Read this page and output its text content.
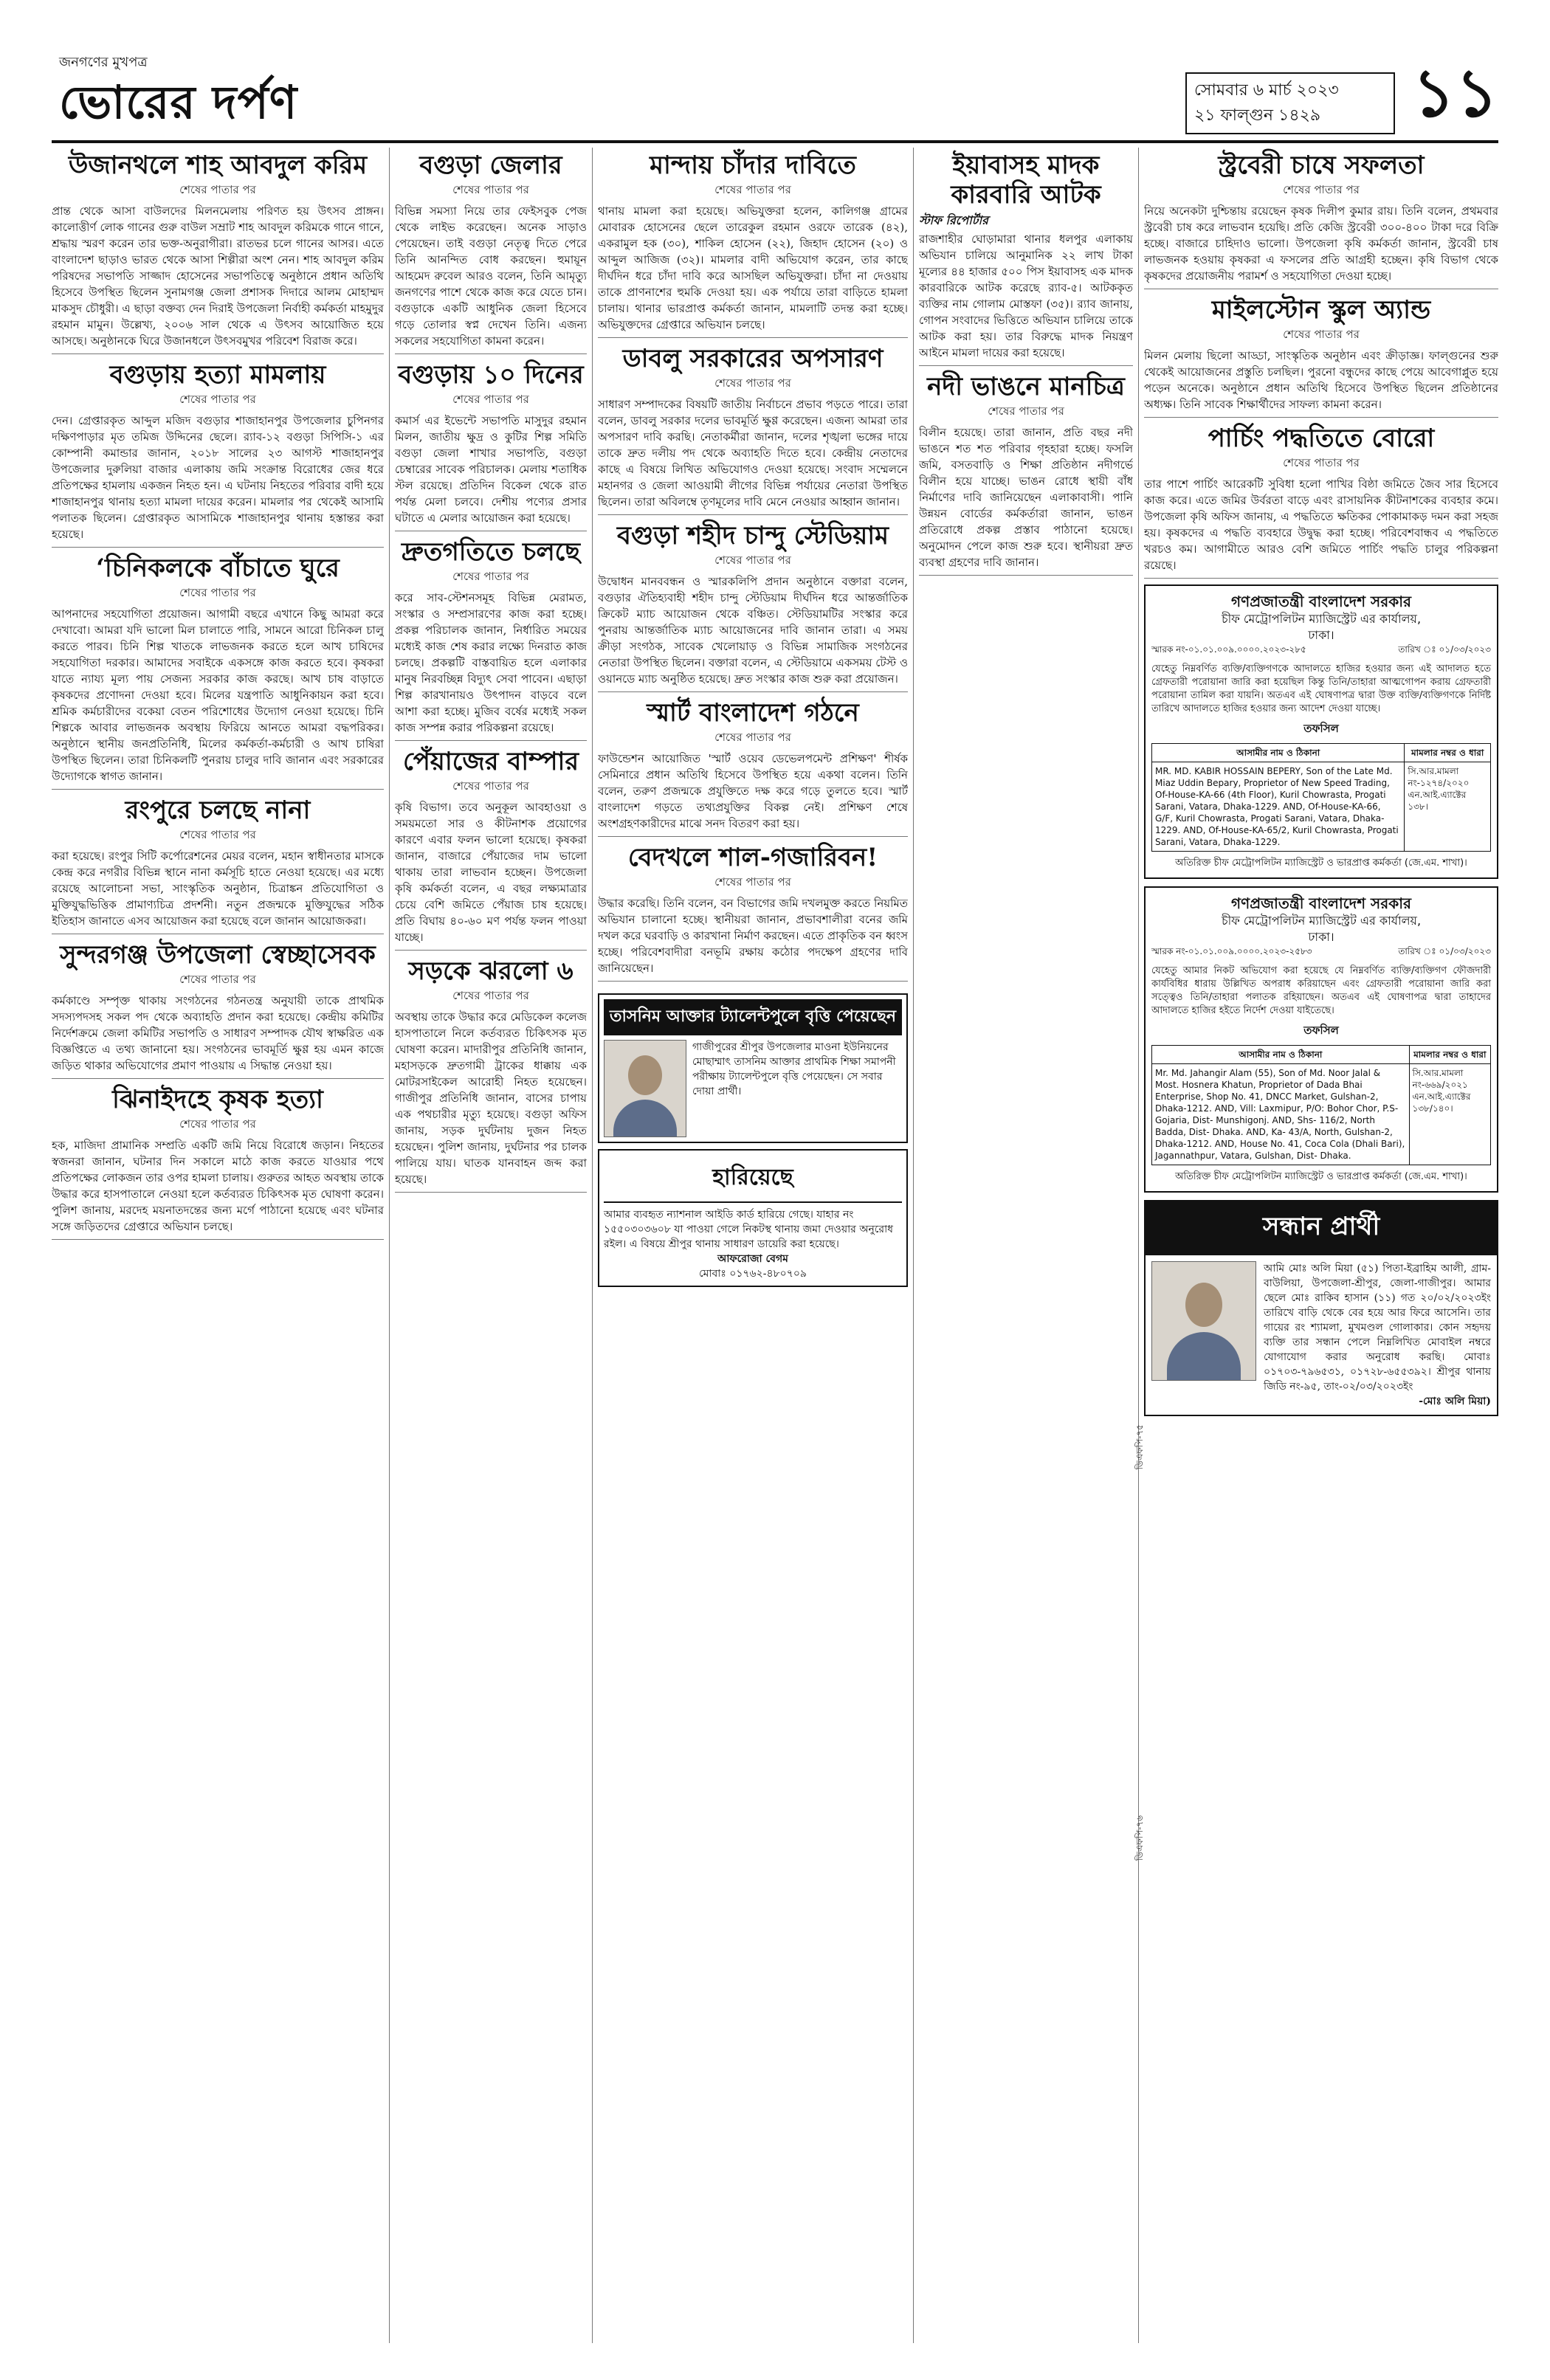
জনগণের মুখপত্র
ভোরের দর্পণ	সোমবার ৬ মার্চ ২০২৩
২১ ফাল্গুন ১৪২৯	১১
উজানথলে শাহ আবদুল করিম
শেষের পাতার পর
প্রান্ত থেকে আসা বাউলদের মিলনমেলায় পরিণত হয় উৎসব প্রাঙ্গন। কালোত্তীর্ণ লোক গানের গুরু বাউল সম্রাট শাহ আবদুল করিমকে গানে গানে, শ্রদ্ধায় স্মরণ করেন তার ভক্ত-অনুরাগীরা। রাতভর চলে গানের আসর। এতে বাংলাদেশ ছাড়াও ভারত থেকে আসা শিল্পীরা অংশ নেন। শাহ আবদুল করিম পরিষদের সভাপতি সাজ্জাদ হোসেনের সভাপতিত্বে অনুষ্ঠানে প্রধান অতিথি হিসেবে উপস্থিত ছিলেন সুনামগঞ্জ জেলা প্রশাসক দিদারে আলম মোহাম্মদ মাকসুদ চৌধুরী। এ ছাড়া বক্তব্য দেন দিরাই উপজেলা নির্বাহী কর্মকর্তা মাহমুদুর রহমান মামুন। উল্লেখ্য, ২০০৬ সাল থেকে এ উৎসব আয়োজিত হয়ে আসছে। অনুষ্ঠানকে ঘিরে উজানধলে উৎসবমুখর পরিবেশ বিরাজ করে।
বগুড়ায় হত্যা মামলায়
শেষের পাতার পর
দেন। গ্রেপ্তারকৃত আব্দুল মজিদ বগুড়ার শাজাহানপুর উপজেলার চুপিনগর দক্ষিণপাড়ার মৃত তমিজ উদ্দিনের ছেলে। র‍্যাব-১২ বগুড়া সিপিসি-১ এর কোম্পানী কমান্ডার জানান, ২০১৮ সালের ২৩ আগস্ট শাজাহানপুর উপজেলার দুরুলিয়া বাজার এলাকায় জমি সংক্রান্ত বিরোধের জের ধরে প্রতিপক্ষের হামলায় একজন নিহত হন। এ ঘটনায় নিহতের পরিবার বাদী হয়ে শাজাহানপুর থানায় হত্যা মামলা দায়ের করেন। মামলার পর থেকেই আসামি পলাতক ছিলেন। গ্রেপ্তারকৃত আসামিকে শাজাহানপুর থানায় হস্তান্তর করা হয়েছে।
‘চিনিকলকে বাঁচাতে ঘুরে
শেষের পাতার পর
আপনাদের সহযোগিতা প্রয়োজন। আগামী বছরে এখানে কিছু আমরা করে দেখাবো। আমরা যদি ভালো মিল চালাতে পারি, সামনে আরো চিনিকল চালু করতে পারব। চিনি শিল্প খাতকে লাভজনক করতে হলে আখ চাষিদের সহযোগিতা দরকার। আমাদের সবাইকে একসঙ্গে কাজ করতে হবে। কৃষকরা যাতে ন্যায্য মূল্য পায় সেজন্য সরকার কাজ করছে। আখ চাষ বাড়াতে কৃষকদের প্রণোদনা দেওয়া হবে। মিলের যন্ত্রপাতি আধুনিকায়ন করা হবে। শ্রমিক কর্মচারীদের বকেয়া বেতন পরিশোধের উদ্যোগ নেওয়া হয়েছে। চিনি শিল্পকে আবার লাভজনক অবস্থায় ফিরিয়ে আনতে আমরা বদ্ধপরিকর। অনুষ্ঠানে স্থানীয় জনপ্রতিনিধি, মিলের কর্মকর্তা-কর্মচারী ও আখ চাষিরা উপস্থিত ছিলেন। তারা চিনিকলটি পুনরায় চালুর দাবি জানান এবং সরকারের উদ্যোগকে স্বাগত জানান।
রংপুরে চলছে নানা
শেষের পাতার পর
করা হয়েছে। রংপুর সিটি কর্পোরেশনের মেয়র বলেন, মহান স্বাধীনতার মাসকে কেন্দ্র করে নগরীর বিভিন্ন স্থানে নানা কর্মসূচি হাতে নেওয়া হয়েছে। এর মধ্যে রয়েছে আলোচনা সভা, সাংস্কৃতিক অনুষ্ঠান, চিত্রাঙ্কন প্রতিযোগিতা ও মুক্তিযুদ্ধভিত্তিক প্রামাণ্যচিত্র প্রদর্শনী। নতুন প্রজন্মকে মুক্তিযুদ্ধের সঠিক ইতিহাস জানাতে এসব আয়োজন করা হয়েছে বলে জানান আয়োজকরা।
সুন্দরগঞ্জ উপজেলা স্বেচ্ছাসেবক
শেষের পাতার পর
কর্মকাণ্ডে সম্পৃক্ত থাকায় সংগঠনের গঠনতন্ত্র অনুযায়ী তাকে প্রাথমিক সদস্যপদসহ সকল পদ থেকে অব্যাহতি প্রদান করা হয়েছে। কেন্দ্রীয় কমিটির নির্দেশক্রমে জেলা কমিটির সভাপতি ও সাধারণ সম্পাদক যৌথ স্বাক্ষরিত এক বিজ্ঞপ্তিতে এ তথ্য জানানো হয়। সংগঠনের ভাবমূর্তি ক্ষুণ্ণ হয় এমন কাজে জড়িত থাকার অভিযোগের প্রমাণ পাওয়ায় এ সিদ্ধান্ত নেওয়া হয়।
ঝিনাইদহে কৃষক হত্যা
শেষের পাতার পর
হক, মাজিদা প্রামানিক সম্প্রতি একটি জমি নিয়ে বিরোধে জড়ান। নিহতের স্বজনরা জানান, ঘটনার দিন সকালে মাঠে কাজ করতে যাওয়ার পথে প্রতিপক্ষের লোকজন তার ওপর হামলা চালায়। গুরুতর আহত অবস্থায় তাকে উদ্ধার করে হাসপাতালে নেওয়া হলে কর্তব্যরত চিকিৎসক মৃত ঘোষণা করেন। পুলিশ জানায়, মরদেহ ময়নাতদন্তের জন্য মর্গে পাঠানো হয়েছে এবং ঘটনার সঙ্গে জড়িতদের গ্রেপ্তারে অভিযান চলছে।
বগুড়া জেলার
শেষের পাতার পর
বিভিন্ন সমস্যা নিয়ে তার ফেইসবুক পেজ থেকে লাইভ করেছেন। অনেক সাড়াও পেয়েছেন। তাই বগুড়া নেতৃত্ব দিতে পেরে তিনি আনন্দিত বোধ করছেন। হুমায়ূন আহমেদ রুবেল আরও বলেন, তিনি আমৃত্যু জনগণের পাশে থেকে কাজ করে যেতে চান। বগুড়াকে একটি আধুনিক জেলা হিসেবে গড়ে তোলার স্বপ্ন দেখেন তিনি। এজন্য সকলের সহযোগিতা কামনা করেন।
বগুড়ায় ১০ দিনের
শেষের পাতার পর
কমার্স এর ইভেন্টে সভাপতি মাসুদুর রহমান মিলন, জাতীয় ক্ষুদ্র ও কুটির শিল্প সমিতি বগুড়া জেলা শাখার সভাপতি, বগুড়া চেম্বারের সাবেক পরিচালক। মেলায় শতাধিক স্টল রয়েছে। প্রতিদিন বিকেল থেকে রাত পর্যন্ত মেলা চলবে। দেশীয় পণ্যের প্রসার ঘটাতে এ মেলার আয়োজন করা হয়েছে।
দ্রুতগতিতে চলছে
শেষের পাতার পর
করে সাব-স্টেশনসমূহ বিভিন্ন মেরামত, সংস্কার ও সম্প্রসারণের কাজ করা হচ্ছে। প্রকল্প পরিচালক জানান, নির্ধারিত সময়ের মধ্যেই কাজ শেষ করার লক্ষ্যে দিনরাত কাজ চলছে। প্রকল্পটি বাস্তবায়িত হলে এলাকার মানুষ নিরবচ্ছিন্ন বিদ্যুৎ সেবা পাবেন। এছাড়া শিল্প কারখানায়ও উৎপাদন বাড়বে বলে আশা করা হচ্ছে। মুজিব বর্ষের মধ্যেই সকল কাজ সম্পন্ন করার পরিকল্পনা রয়েছে।
পেঁয়াজের বাম্পার
শেষের পাতার পর
কৃষি বিভাগ। তবে অনুকূল আবহাওয়া ও সময়মতো সার ও কীটনাশক প্রয়োগের কারণে এবার ফলন ভালো হয়েছে। কৃষকরা জানান, বাজারে পেঁয়াজের দাম ভালো থাকায় তারা লাভবান হচ্ছেন। উপজেলা কৃষি কর্মকর্তা বলেন, এ বছর লক্ষ্যমাত্রার চেয়ে বেশি জমিতে পেঁয়াজ চাষ হয়েছে। প্রতি বিঘায় ৪০-৬০ মণ পর্যন্ত ফলন পাওয়া যাচ্ছে।
সড়কে ঝরলো ৬
শেষের পাতার পর
অবস্থায় তাকে উদ্ধার করে মেডিকেল কলেজ হাসপাতালে নিলে কর্তব্যরত চিকিৎসক মৃত ঘোষণা করেন। মাদারীপুর প্রতিনিধি জানান, মহাসড়কে দ্রুতগামী ট্রাকের ধাক্কায় এক মোটরসাইকেল আরোহী নিহত হয়েছেন। গাজীপুর প্রতিনিধি জানান, বাসের চাপায় এক পথচারীর মৃত্যু হয়েছে। বগুড়া অফিস জানায়, সড়ক দুর্ঘটনায় দুজন নিহত হয়েছেন। পুলিশ জানায়, দুর্ঘটনার পর চালক পালিয়ে যায়। ঘাতক যানবাহন জব্দ করা হয়েছে।
মান্দায় চাঁদার দাবিতে
শেষের পাতার পর
থানায় মামলা করা হয়েছে। অভিযুক্তরা হলেন, কালিগঞ্জ গ্রামের মোবারক হোসেনের ছেলে তারেকুল রহমান ওরফে তারেক (৪২), একরামুল হক (৩০), শাকিল হোসেন (২২), জিহাদ হোসেন (২০) ও আব্দুল আজিজ (৩২)। মামলার বাদী অভিযোগ করেন, তার কাছে দীর্ঘদিন ধরে চাঁদা দাবি করে আসছিল অভিযুক্তরা। চাঁদা না দেওয়ায় তাকে প্রাণনাশের হুমকি দেওয়া হয়। এক পর্যায়ে তারা বাড়িতে হামলা চালায়। থানার ভারপ্রাপ্ত কর্মকর্তা জানান, মামলাটি তদন্ত করা হচ্ছে। অভিযুক্তদের গ্রেপ্তারে অভিযান চলছে।
ডাবলু সরকারের অপসারণ
শেষের পাতার পর
সাধারণ সম্পাদকের বিষয়টি জাতীয় নির্বাচনে প্রভাব পড়তে পারে। তারা বলেন, ডাবলু সরকার দলের ভাবমূর্তি ক্ষুণ্ণ করেছেন। এজন্য আমরা তার অপসারণ দাবি করছি। নেতাকর্মীরা জানান, দলের শৃঙ্খলা ভঙ্গের দায়ে তাকে দ্রুত দলীয় পদ থেকে অব্যাহতি দিতে হবে। কেন্দ্রীয় নেতাদের কাছে এ বিষয়ে লিখিত অভিযোগও দেওয়া হয়েছে। সংবাদ সম্মেলনে মহানগর ও জেলা আওয়ামী লীগের বিভিন্ন পর্যায়ের নেতারা উপস্থিত ছিলেন। তারা অবিলম্বে তৃণমূলের দাবি মেনে নেওয়ার আহ্বান জানান।
বগুড়া শহীদ চান্দু স্টেডিয়াম
শেষের পাতার পর
উদ্বোধন মানববন্ধন ও স্মারকলিপি প্রদান অনুষ্ঠানে বক্তারা বলেন, বগুড়ার ঐতিহ্যবাহী শহীদ চান্দু স্টেডিয়াম দীর্ঘদিন ধরে আন্তর্জাতিক ক্রিকেট ম্যাচ আয়োজন থেকে বঞ্চিত। স্টেডিয়ামটির সংস্কার করে পুনরায় আন্তর্জাতিক ম্যাচ আয়োজনের দাবি জানান তারা। এ সময় ক্রীড়া সংগঠক, সাবেক খেলোয়াড় ও বিভিন্ন সামাজিক সংগঠনের নেতারা উপস্থিত ছিলেন। বক্তারা বলেন, এ স্টেডিয়ামে একসময় টেস্ট ও ওয়ানডে ম্যাচ অনুষ্ঠিত হয়েছে। দ্রুত সংস্কার কাজ শুরু করা প্রয়োজন।
স্মার্ট বাংলাদেশ গঠনে
শেষের পাতার পর
ফাউন্ডেশন আয়োজিত 'স্মার্ট ওয়েব ডেভেলপমেন্ট প্রশিক্ষণ' শীর্ষক সেমিনারে প্রধান অতিথি হিসেবে উপস্থিত হয়ে একথা বলেন। তিনি বলেন, তরুণ প্রজন্মকে প্রযুক্তিতে দক্ষ করে গড়ে তুলতে হবে। স্মার্ট বাংলাদেশ গড়তে তথ্যপ্রযুক্তির বিকল্প নেই। প্রশিক্ষণ শেষে অংশগ্রহণকারীদের মাঝে সনদ বিতরণ করা হয়।
বেদখলে শাল-গজারিবন!
শেষের পাতার পর
উদ্ধার করেছি। তিনি বলেন, বন বিভাগের জমি দখলমুক্ত করতে নিয়মিত অভিযান চালানো হচ্ছে। স্থানীয়রা জানান, প্রভাবশালীরা বনের জমি দখল করে ঘরবাড়ি ও কারখানা নির্মাণ করছেন। এতে প্রাকৃতিক বন ধ্বংস হচ্ছে। পরিবেশবাদীরা বনভূমি রক্ষায় কঠোর পদক্ষেপ গ্রহণের দাবি জানিয়েছেন।
তাসনিম আক্তার ট্যালেন্টপুলে বৃত্তি পেয়েছেন
গাজীপুরের শ্রীপুর উপজেলার মাওনা ইউনিয়নের মোছাম্মাৎ তাসনিম আক্তার প্রাথমিক শিক্ষা সমাপনী পরীক্ষায় ট্যালেন্টপুলে বৃত্তি পেয়েছেন। সে সবার দোয়া প্রার্থী।
হারিয়েছে
আমার ব্যবহৃত ন্যাশনাল আইডি কার্ড হারিয়ে গেছে। যাহার নং ১৫৫০৩০৩৬০৮ যা পাওয়া গেলে নিকটস্থ থানায় জমা দেওয়ার অনুরোধ রইল। এ বিষয়ে শ্রীপুর থানায় সাধারণ ডায়েরি করা হয়েছে।
আফরোজা বেগম
মোবাঃ ০১৭৬২-৪৮০৭০৯
ইয়াবাসহ মাদক কারবারি আটক
স্টাফ রিপোর্টার
রাজশাহীর ঘোড়ামারা থানার ধলপুর এলাকায় অভিযান চালিয়ে আনুমানিক ২২ লাখ টাকা মূল্যের ৪৪ হাজার ৫০০ পিস ইয়াবাসহ এক মাদক কারবারিকে আটক করেছে র‍্যাব-৫। আটককৃত ব্যক্তির নাম গোলাম মোস্তফা (৩৫)। র‍্যাব জানায়, গোপন সংবাদের ভিত্তিতে অভিযান চালিয়ে তাকে আটক করা হয়। তার বিরুদ্ধে মাদক নিয়ন্ত্রণ আইনে মামলা দায়ের করা হয়েছে।
নদী ভাঙনে মানচিত্র
শেষের পাতার পর
বিলীন হয়েছে। তারা জানান, প্রতি বছর নদী ভাঙনে শত শত পরিবার গৃহহারা হচ্ছে। ফসলি জমি, বসতবাড়ি ও শিক্ষা প্রতিষ্ঠান নদীগর্ভে বিলীন হয়ে যাচ্ছে। ভাঙন রোধে স্থায়ী বাঁধ নির্মাণের দাবি জানিয়েছেন এলাকাবাসী। পানি উন্নয়ন বোর্ডের কর্মকর্তারা জানান, ভাঙন প্রতিরোধে প্রকল্প প্রস্তাব পাঠানো হয়েছে। অনুমোদন পেলে কাজ শুরু হবে। স্থানীয়রা দ্রুত ব্যবস্থা গ্রহণের দাবি জানান।
স্ট্রবেরী চাষে সফলতা
শেষের পাতার পর
নিয়ে অনেকটা দুশ্চিন্তায় রয়েছেন কৃষক দিলীপ কুমার রায়। তিনি বলেন, প্রথমবার স্ট্রবেরী চাষ করে লাভবান হয়েছি। প্রতি কেজি স্ট্রবেরী ৩০০-৪০০ টাকা দরে বিক্রি হচ্ছে। বাজারে চাহিদাও ভালো। উপজেলা কৃষি কর্মকর্তা জানান, স্ট্রবেরী চাষ লাভজনক হওয়ায় কৃষকরা এ ফসলের প্রতি আগ্রহী হচ্ছেন। কৃষি বিভাগ থেকে কৃষকদের প্রয়োজনীয় পরামর্শ ও সহযোগিতা দেওয়া হচ্ছে।
মাইলস্টোন স্কুল অ্যান্ড
শেষের পাতার পর
মিলন মেলায় ছিলো আড্ডা, সাংস্কৃতিক অনুষ্ঠান এবং ক্রীড়াজ্ঞ। ফাল্গুনের শুরু থেকেই আয়োজনের প্রস্তুতি চলছিল। পুরনো বন্ধুদের কাছে পেয়ে আবেগাপ্লুত হয়ে পড়েন অনেকে। অনুষ্ঠানে প্রধান অতিথি হিসেবে উপস্থিত ছিলেন প্রতিষ্ঠানের অধ্যক্ষ। তিনি সাবেক শিক্ষার্থীদের সাফল্য কামনা করেন।
পার্চিং পদ্ধতিতে বোরো
শেষের পাতার পর
তার পাশে পার্চিং আরেকটি সুবিধা হলো পাখির বিষ্ঠা জমিতে জৈব সার হিসেবে কাজ করে। এতে জমির উর্বরতা বাড়ে এবং রাসায়নিক কীটনাশকের ব্যবহার কমে। উপজেলা কৃষি অফিস জানায়, এ পদ্ধতিতে ক্ষতিকর পোকামাকড় দমন করা সহজ হয়। কৃষকদের এ পদ্ধতি ব্যবহারে উদ্বুদ্ধ করা হচ্ছে। পরিবেশবান্ধব এ পদ্ধতিতে খরচও কম। আগামীতে আরও বেশি জমিতে পার্চিং পদ্ধতি চালুর পরিকল্পনা রয়েছে।
গণপ্রজাতন্ত্রী বাংলাদেশ সরকার
চীফ মেট্রোপলিটন ম্যাজিস্ট্রেট এর কার্যালয়,
ঢাকা।
স্মারক নং-০১.০১.০০৯.০০০০.২০২৩-২৮৫	তারিখ ঃ ০১/০৩/২০২৩
যেহেতু নিম্নবর্ণিত ব্যক্তি/ব্যক্তিগণকে আদালতে হাজির হওয়ার জন্য এই আদালত হতে গ্রেফতারী পরোয়ানা জারি করা হয়েছিল কিন্তু তিনি/তাহারা আত্মগোপন করায় গ্রেফতারী পরোয়ানা তামিল করা যায়নি। অতএব এই ঘোষণাপত্র দ্বারা উক্ত ব্যক্তি/ব্যক্তিগণকে নির্দিষ্ট তারিখে আদালতে হাজির হওয়ার জন্য আদেশ দেওয়া যাচ্ছে।
তফসিল
আসামীর নাম ও ঠিকানা	মামলার নম্বর ও ধারা
MR. MD. KABIR HOSSAIN BEPERY, Son of the Late Md. Miaz Uddin Bepary, Proprietor of New Speed Trading, Of-House-KA-66 (4th Floor), Kuril Chowrasta, Progati Sarani, Vatara, Dhaka-1229. AND, Of-House-KA-66, G/F, Kuril Chowrasta, Progati Sarani, Vatara, Dhaka-1229. AND, Of-House-KA-65/2, Kuril Chowrasta, Progati Sarani, Vatara, Dhaka-1229.	সি.আর.মামলা নং-১২৭৪/২০২০ এন.আই.এ্যাক্টের ১৩৮।
অতিরিক্ত চীফ মেট্রোপলিটন ম্যাজিস্ট্রেট ও ভারপ্রাপ্ত কর্মকর্তা (জে.এম. শাখা)।
গণপ্রজাতন্ত্রী বাংলাদেশ সরকার
চীফ মেট্রোপলিটন ম্যাজিস্ট্রেট এর কার্যালয়,
ঢাকা।
স্মারক নং-০১.০১.০০৯.০০০০.২০২৩-২৫৮৩	তারিখ ঃ ০১/০৩/২০২৩
যেহেতু আমার নিকট অভিযোগ করা হয়েছে যে নিম্নবর্ণিত ব্যক্তি/ব্যক্তিগণ ফৌজদারী কার্যবিধির ধারায় উল্লিখিত অপরাধ করিয়াছেন এবং গ্রেফতারী পরোয়ানা জারি করা সত্ত্বেও তিনি/তাহারা পলাতক রহিয়াছেন। অতএব এই ঘোষণাপত্র দ্বারা তাহাদের আদালতে হাজির হইতে নির্দেশ দেওয়া যাইতেছে।
তফসিল
আসামীর নাম ও ঠিকানা	মামলার নম্বর ও ধারা
Mr. Md. Jahangir Alam (55), Son of Md. Noor Jalal & Most. Hosnera Khatun, Proprietor of Dada Bhai Enterprise, Shop No. 41, DNCC Market, Gulshan-2, Dhaka-1212. AND, Vill: Laxmipur, P/O: Bohor Chor, P.S- Gojaria, Dist- Munshigonj. AND, Shs- 116/2, North Badda, Dist- Dhaka. AND, Ka- 43/A, North, Gulshan-2, Dhaka-1212. AND, House No. 41, Coca Cola (Dhali Bari), Jagannathpur, Vatara, Gulshan, Dist- Dhaka.	সি.আর.মামলা নং-৬৬৯/২০২১ এন.আই.এ্যাক্টের ১৩৮/১৪০।
অতিরিক্ত চীফ মেট্রোপলিটন ম্যাজিস্ট্রেট ও ভারপ্রাপ্ত কর্মকর্তা (জে.এম. শাখা)।
সন্ধান প্রার্থী
আমি মোঃ অলি মিয়া (৫১) পিতা-ইব্রাহিম আলী, গ্রাম-বাউলিয়া, উপজেলা-শ্রীপুর, জেলা-গাজীপুর। আমার ছেলে মোঃ রাকিব হাসান (১১) গত ২০/০২/২০২৩ইং তারিখে বাড়ি থেকে বের হয়ে আর ফিরে আসেনি। তার গায়ের রং শ্যামলা, মুখমণ্ডল গোলাকার। কোন সহৃদয় ব্যক্তি তার সন্ধান পেলে নিম্নলিখিত মোবাইল নম্বরে যোগাযোগ করার অনুরোধ করছি। মোবাঃ ০১৭০৩-৭৯৬৫৩১, ০১৭২৮-৬৫৫৩৯২। শ্রীপুর থানায় জিডি নং-৯৫, তাং-০২/০৩/২০২৩ইং
-মোঃ অলি মিয়া)
ডিএফপি-৭৫
ডিএফপি-৭৬
